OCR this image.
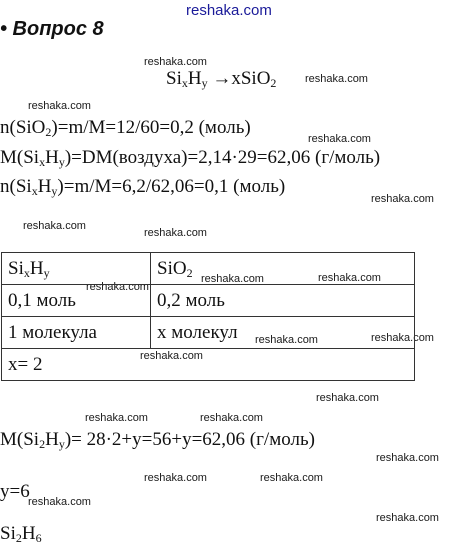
reshaka.com
• Вопрос 8
reshaka.com
reshaka.com
reshaka.com
reshaka.com
reshaka.com
reshaka.com
reshaka.com
reshaka.com	reshaka.com
reshaka.com
reshaka.com	reshaka.com
reshaka.com
reshaka.com
reshaka.com	reshaka.com
reshaka.com
reshaka.com	reshaka.com
reshaka.com
reshaka.com
$Si_xH_y$ →xSiO$_2$
n(SiO$_2$)=m/M=12/60=0,2 (моль)
$M(Si_xH_y)=DM(воздуха)=2,14\cdot 29=62,06$ (г/моль)
$n(Si_xH_y)=m/M=6,2/62,06=0,1$ (моль)
$Si_xH_y$	SiO$_2$
0,1 моль	0,2 моль
1 молекула	x молекул
x= 2	
$M(Si_2H_y)= 28\cdot 2+y=56+y=62,06$ (г/моль)
y=6
$Si_2H_6$
